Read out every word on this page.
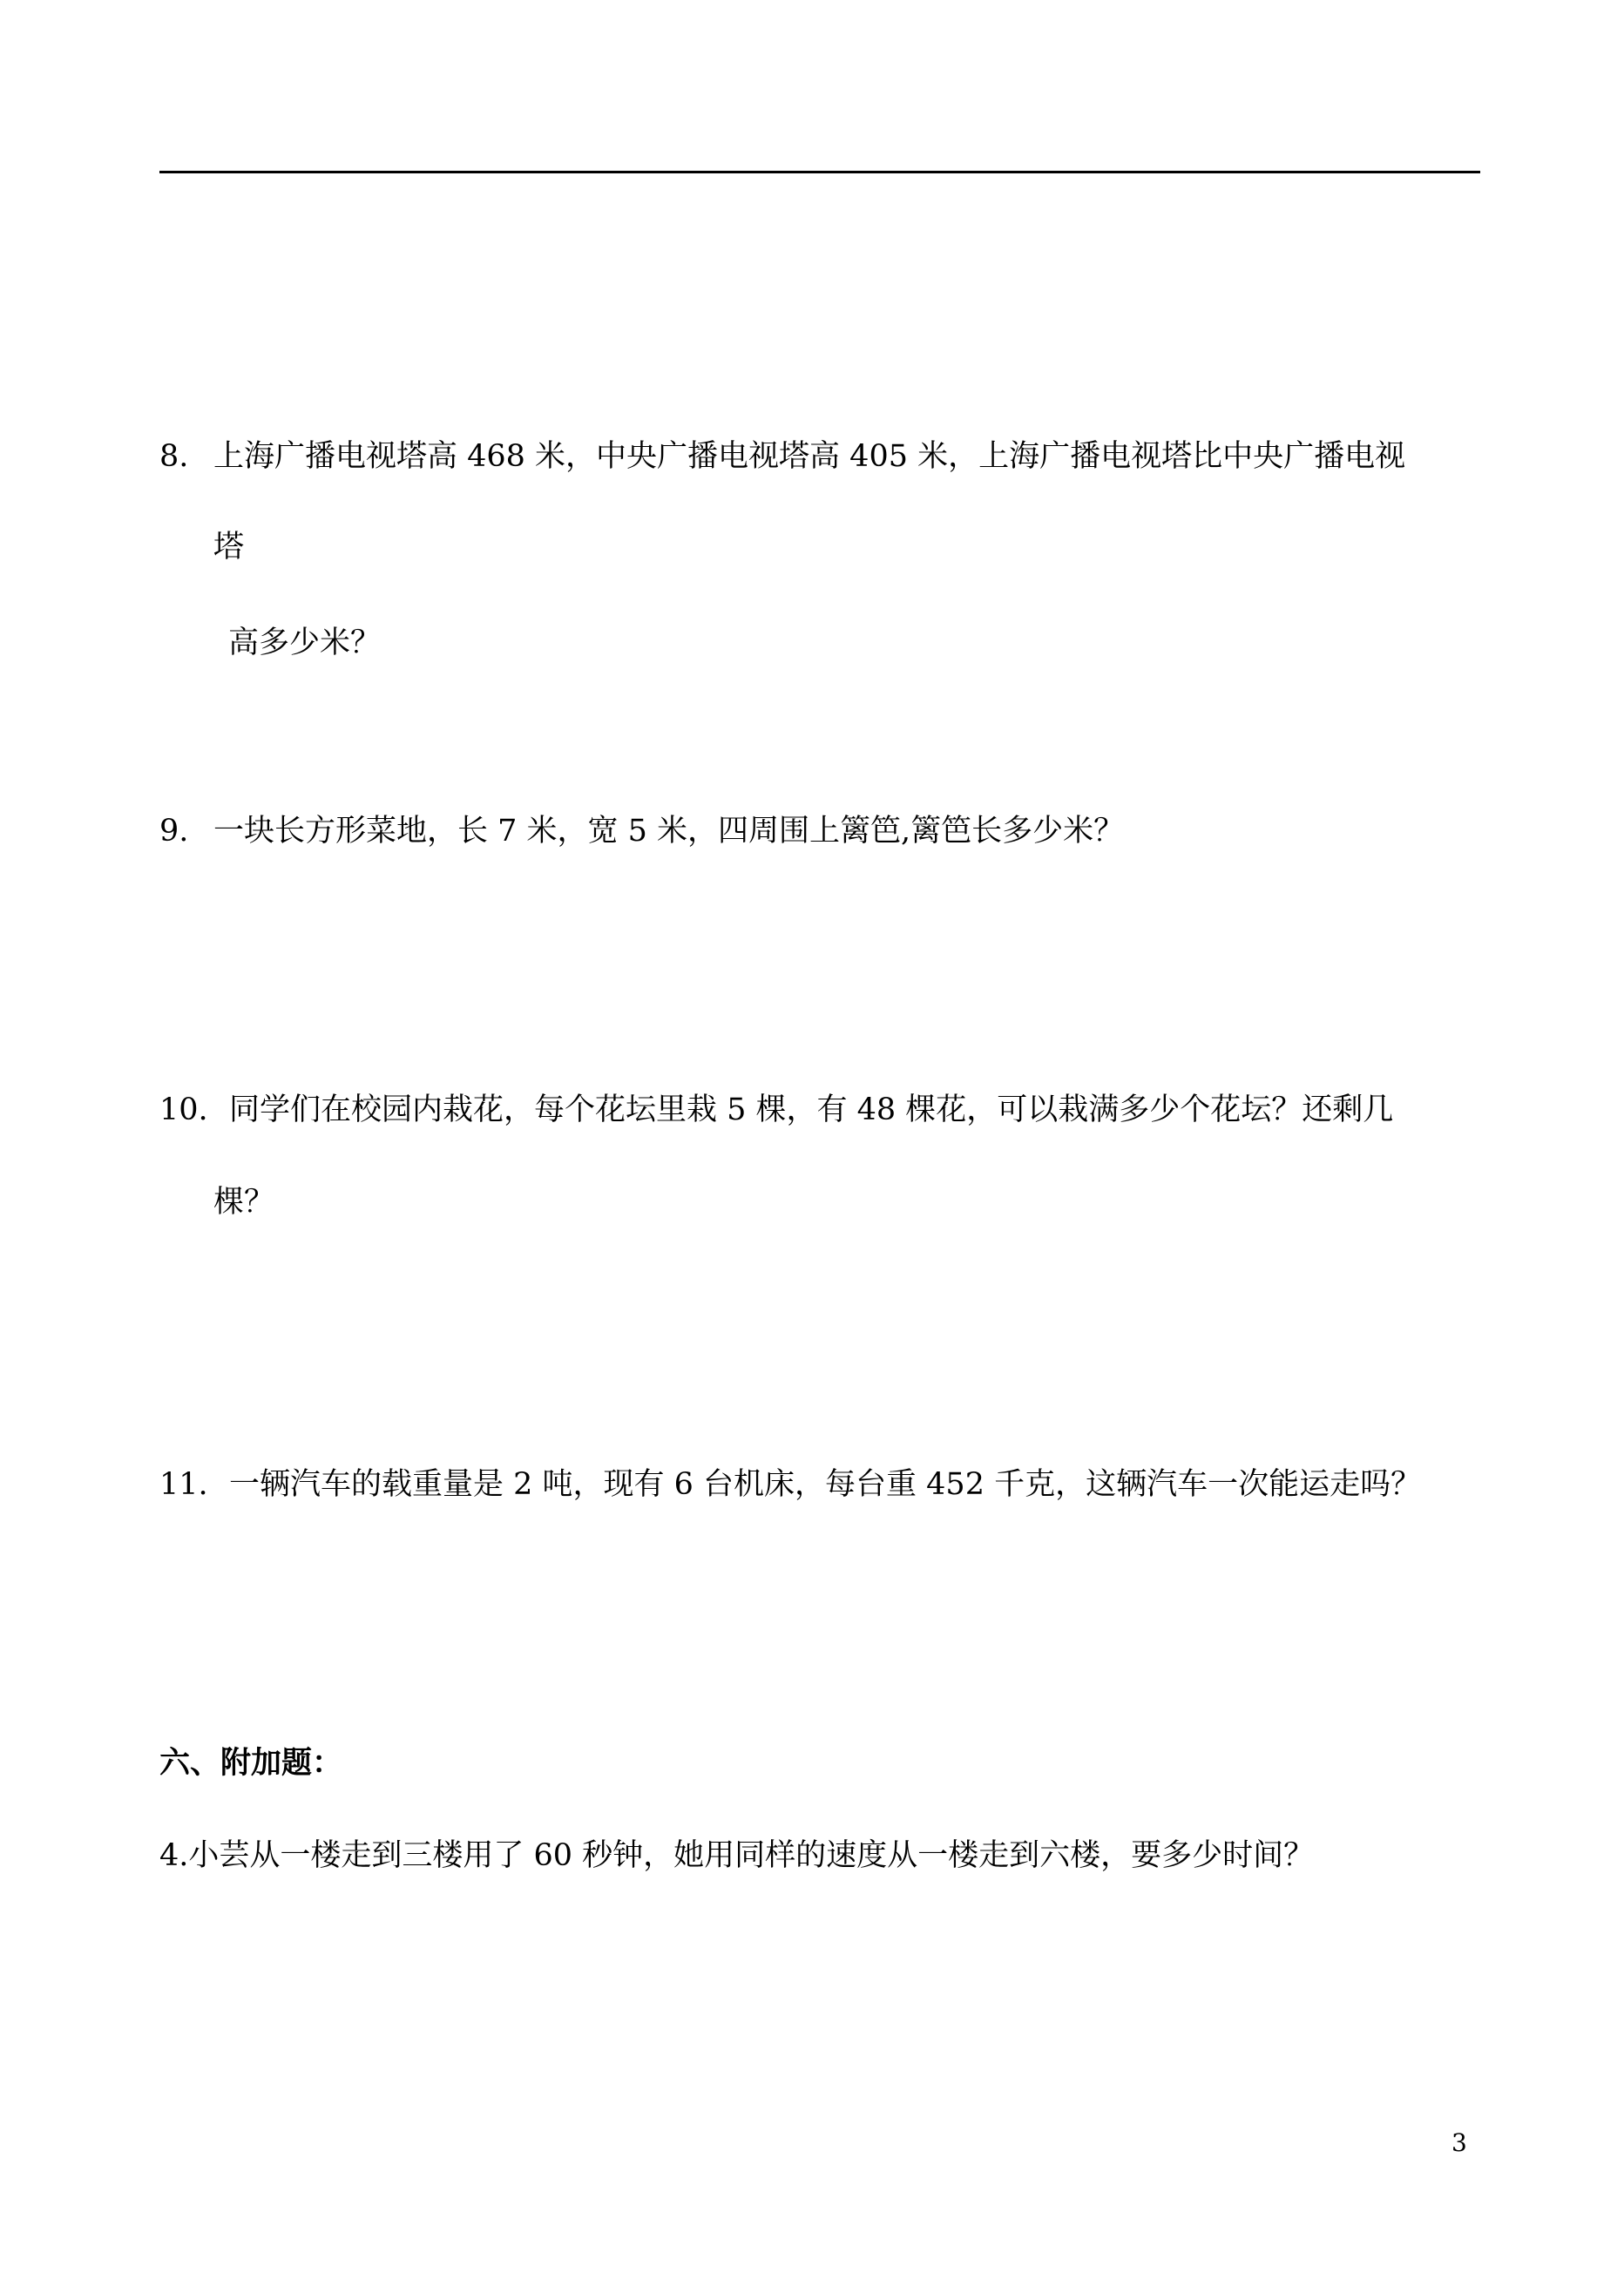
8. 上海广播电视塔高 468 米，中央广播电视塔高 405 米，上海广播电视塔比中央广播电视
塔
高多少米？
9. 一块长方形菜地，长 7 米，宽 5 米，四周围上篱笆,篱笆长多少米？
10. 同学们在校园内栽花，每个花坛里栽 5 棵，有 48 棵花，可以栽满多少个花坛？还剩几
棵？
11. 一辆汽车的载重量是 2 吨，现有 6 台机床，每台重 452 千克，这辆汽车一次能运走吗？
六、附加题：
4.小芸从一楼走到三楼用了 60 秒钟，她用同样的速度从一楼走到六楼，要多少时间？
3
